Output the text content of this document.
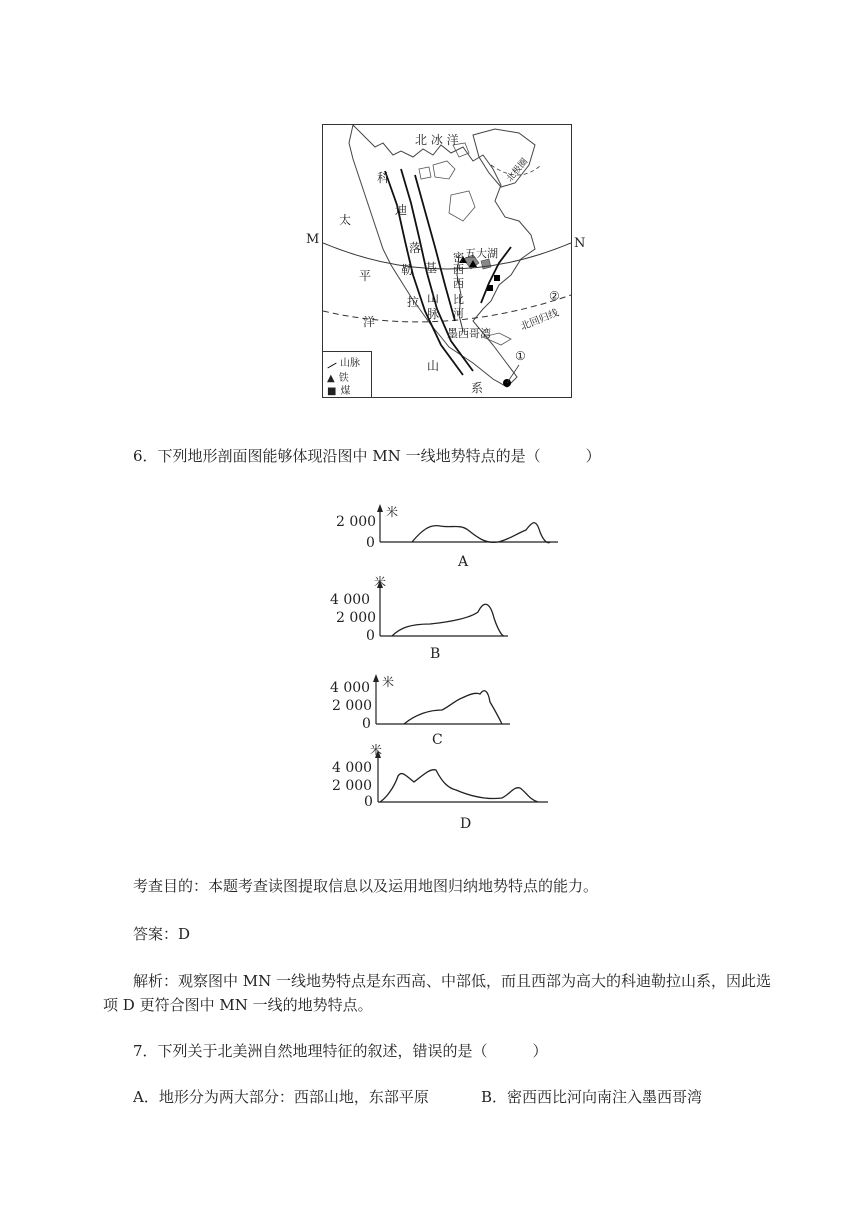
北 冰 洋
北极圈
科
迪
勒
拉
山
系
太
平
洋
落
基
山
脉
密
西
西
比
河
五大湖
墨西哥湾
北回归线
①
②
山脉
▲ 铁
■ 煤
M	N
6．下列地形剖面图能够体现沿图中 MN 一线地势特点的是（　　　）
2 000
0
米
A
米
4 000
2 000
0
B
米
4 000
2 000
0
C
米
4 000
2 000
0
D
考查目的：本题考查读图提取信息以及运用地图归纳地势特点的能力。
答案：D
解析：观察图中 MN 一线地势特点是东西高、中部低，而且西部为高大的科迪勒拉山系，因此选
项 D 更符合图中 MN 一线的地势特点。
7．下列关于北美洲自然地理特征的叙述，错误的是（　　　）
A．地形分为两大部分：西部山地，东部平原	B．密西西比河向南注入墨西哥湾
